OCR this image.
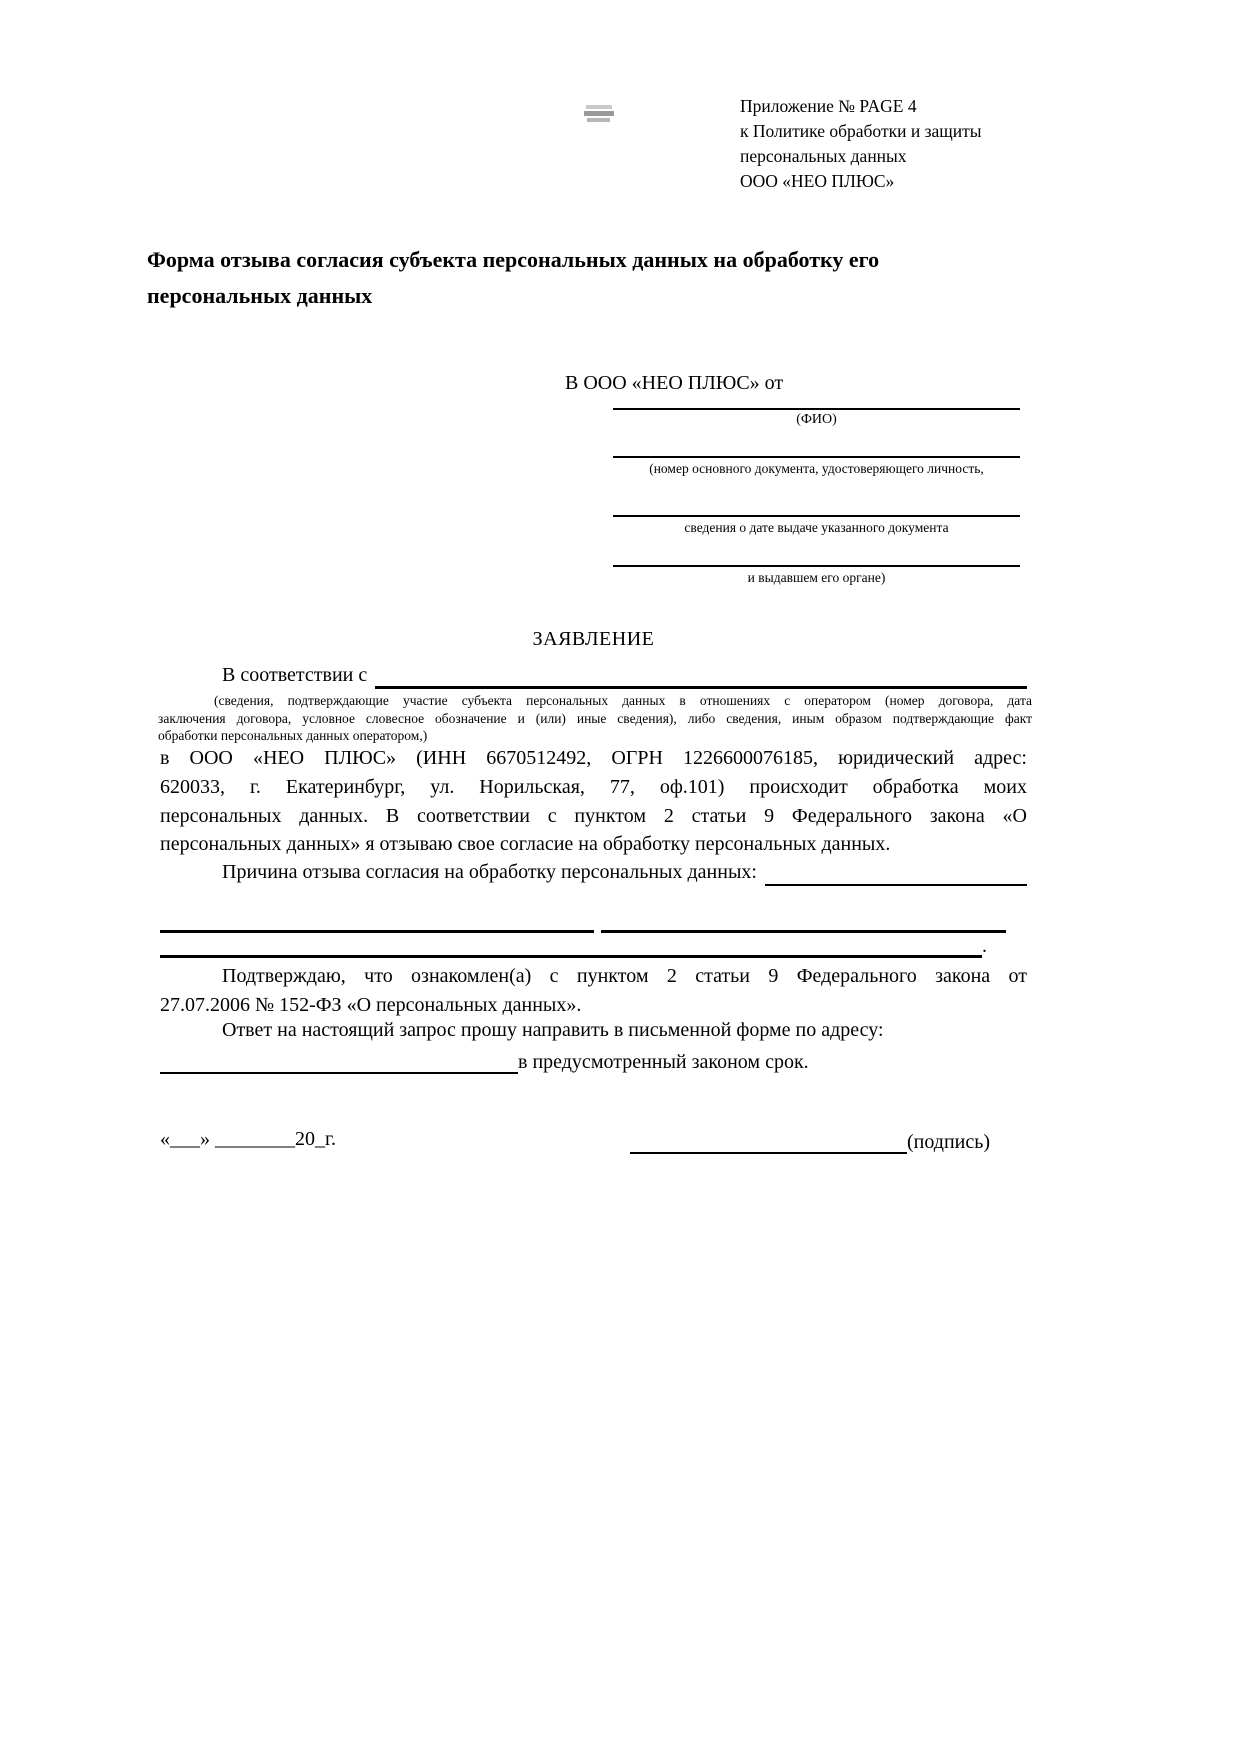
Приложение № PAGE 4
к Политике обработки и защиты
персональных данных
ООО «НЕО ПЛЮС»
Форма отзыва согласия субъекта персональных данных на обработку его
персональных данных
В ООО «НЕО ПЛЮС» от
(ФИО)
(номер основного документа, удостоверяющего личность,
сведения о дате выдаче указанного документа
и выдавшем его органе)
ЗАЯВЛЕНИЕ
В соответствии с
(сведения, подтверждающие участие субъекта персональных данных в отношениях с оператором (номер договора, дата
заключения договора, условное словесное обозначение и (или) иные сведения), либо сведения, иным образом подтверждающие факт
обработки персональных данных оператором,)
в ООО «НЕО ПЛЮС» (ИНН 6670512492, ОГРН 1226600076185, юридический адрес:
620033, г. Екатеринбург, ул. Норильская, 77, оф.101) происходит обработка моих
персональных данных. В соответствии с пунктом 2 статьи 9 Федерального закона «О
персональных данных» я отзываю свое согласие на обработку персональных данных.
Причина отзыва согласия на обработку персональных данных:
.
Подтверждаю, что ознакомлен(а) с пунктом 2 статьи 9 Федерального закона от
27.07.2006 № 152-ФЗ «О персональных данных».
Ответ на настоящий запрос прошу направить в письменной форме по адресу:
в предусмотренный законом срок.
«___» ________20_г.	(подпись)
